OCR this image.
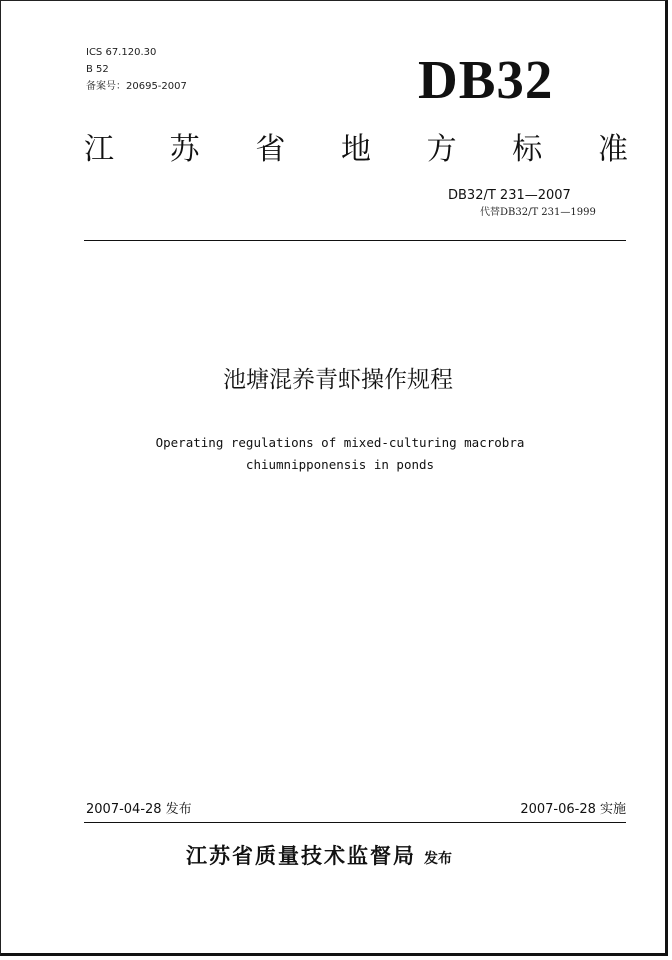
ICS 67.120.30
B 52
备案号：20695-2007	DB32
江 苏 省 地 方 标 准
DB32/T 231—2007
代替DB32/T 231—1999
池塘混养青虾操作规程
Operating regulations of mixed-culturing macrobra
chiumnipponensis in ponds
2007-04-28 发布	2007-06-28 实施
江苏省质量技术监督局 发布
